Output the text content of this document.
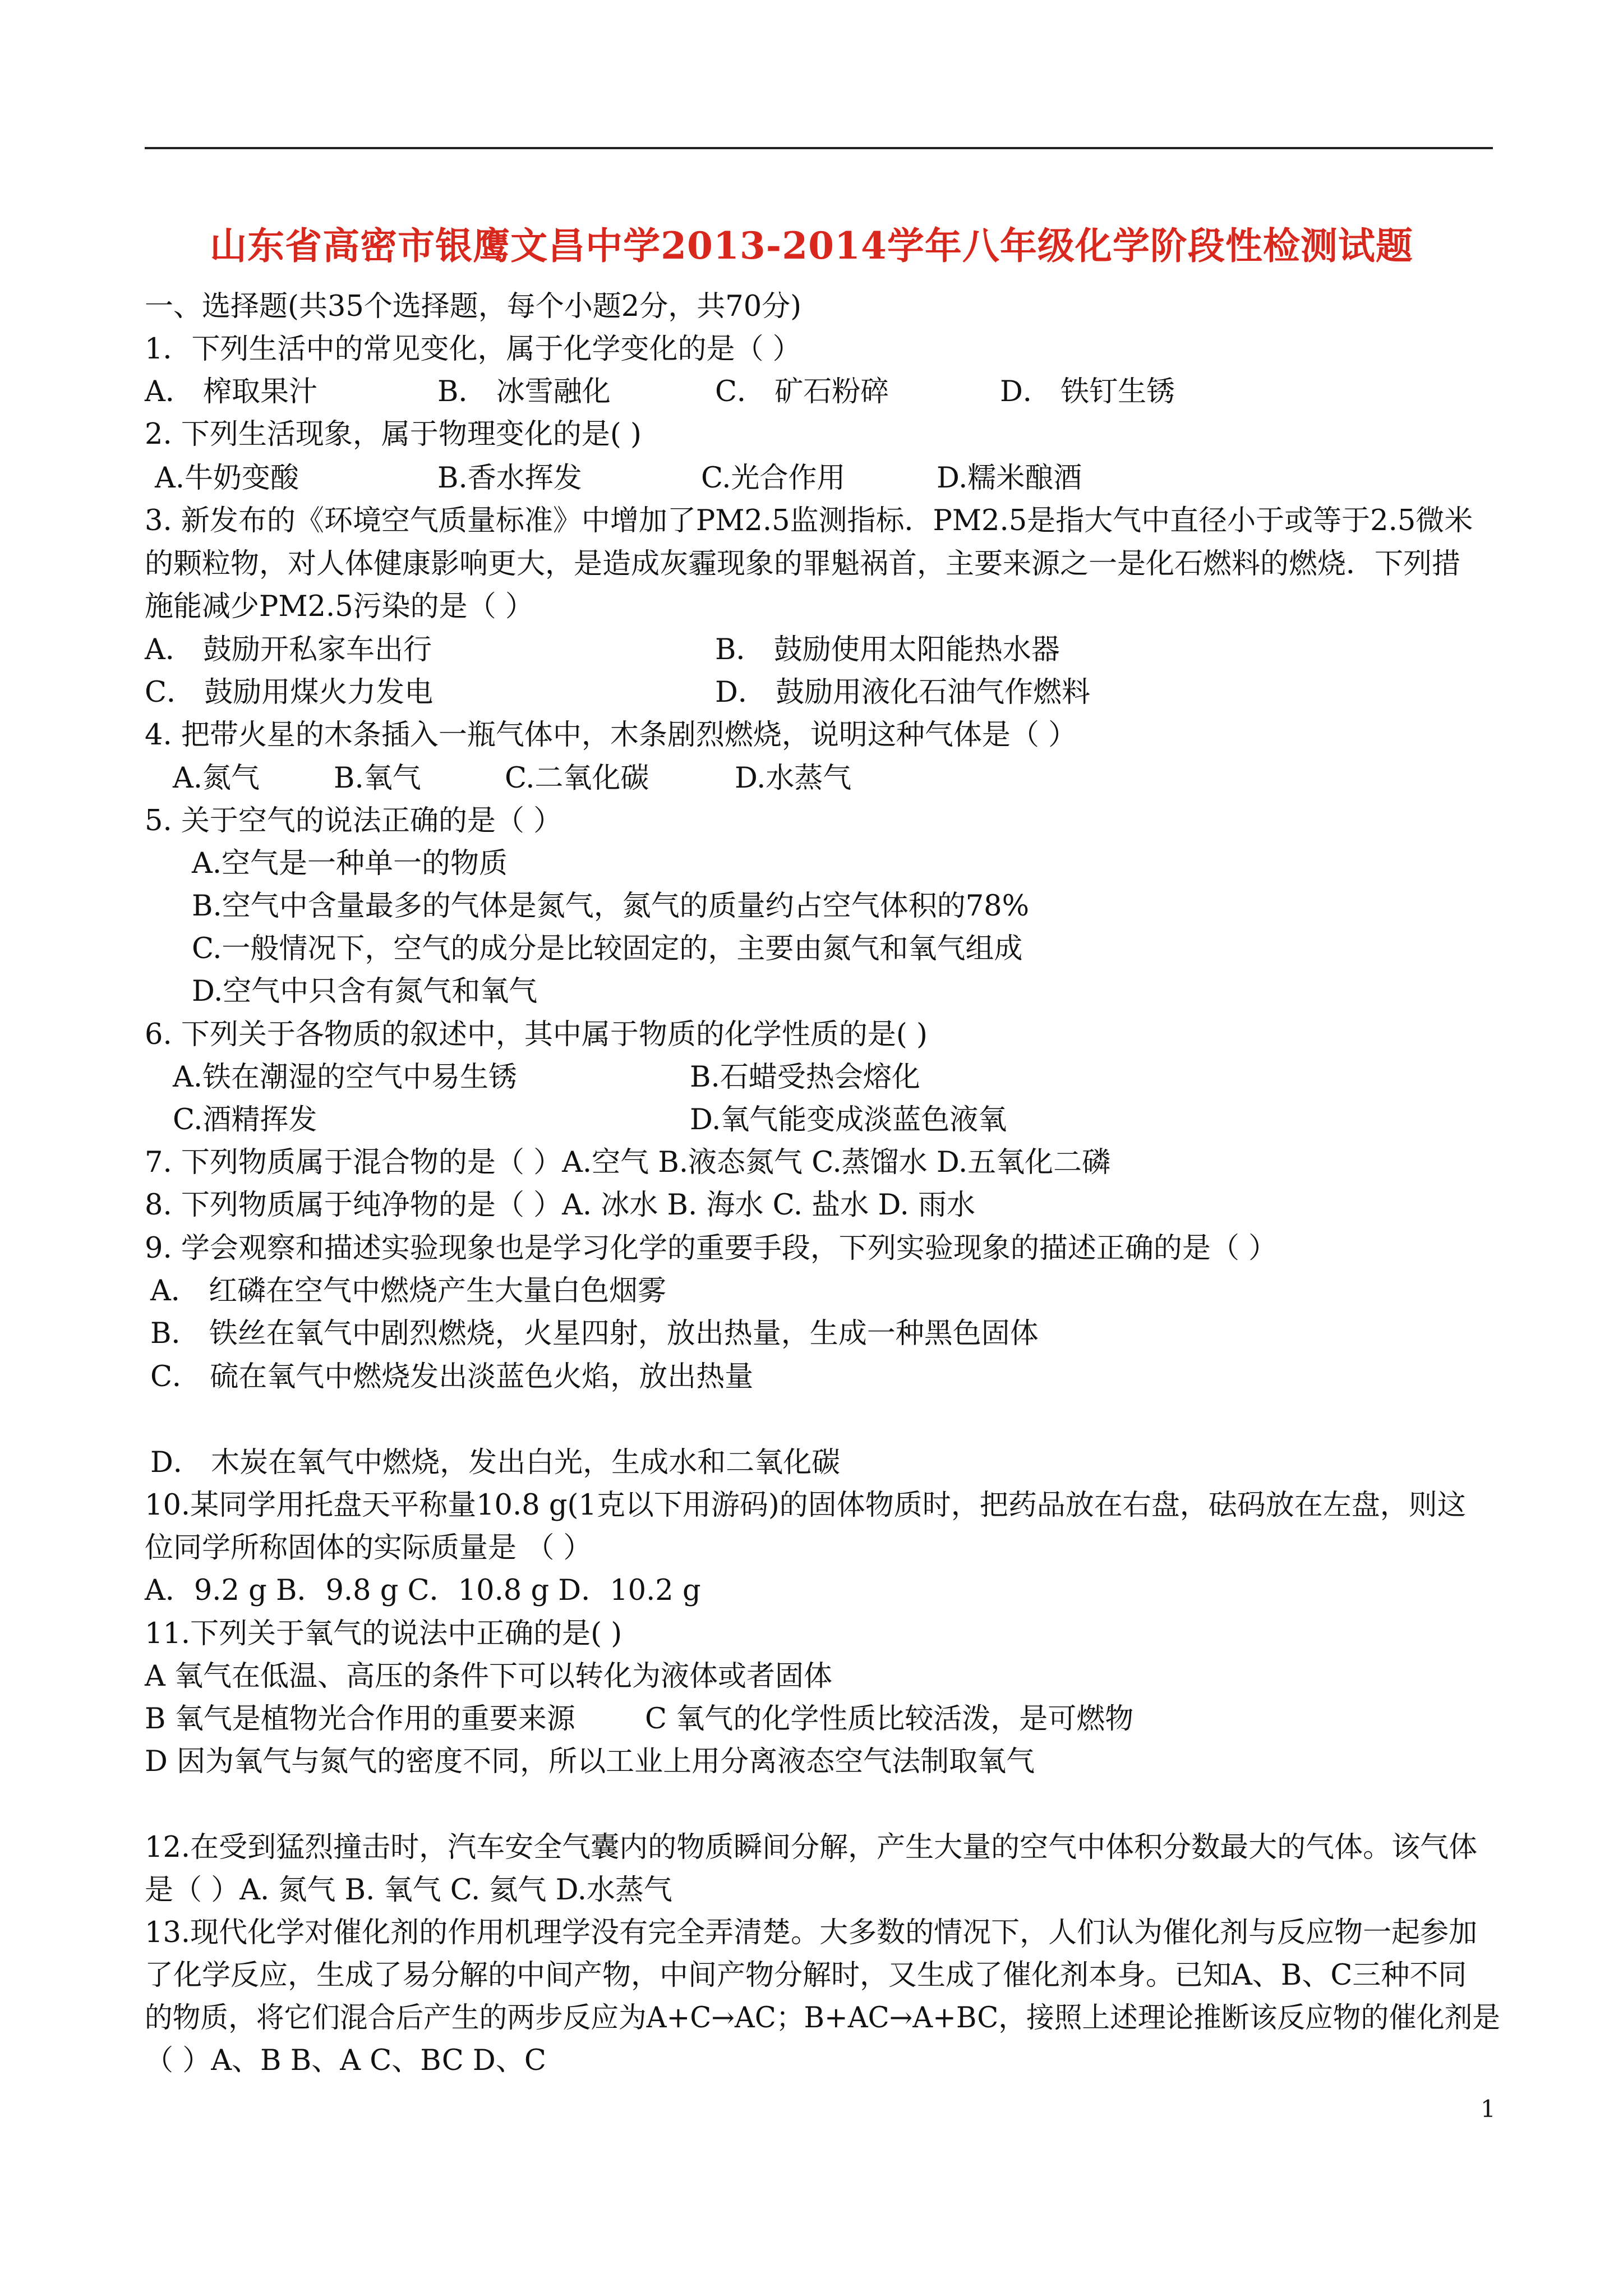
山东省高密市银鹰文昌中学2013-2014学年八年级化学阶段性检测试题
一、选择题(共35个选择题，每个小题2分，共70分)
1．下列生活中的常见变化，属于化学变化的是（ ）
A． 榨取果汁	B． 冰雪融化	C． 矿石粉碎	D． 铁钉生锈
2. 下列生活现象，属于物理变化的是( )
A.牛奶变酸	B.香水挥发	C.光合作用	D.糯米酿酒
3. 新发布的《环境空气质量标准》中增加了PM2.5监测指标．PM2.5是指大气中直径小于或等于2.5微米
的颗粒物，对人体健康影响更大，是造成灰霾现象的罪魁祸首，主要来源之一是化石燃料的燃烧．下列措
施能减少PM2.5污染的是（ ）
A． 鼓励开私家车出行	B． 鼓励使用太阳能热水器
C． 鼓励用煤火力发电	D． 鼓励用液化石油气作燃料
4. 把带火星的木条插入一瓶气体中，木条剧烈燃烧，说明这种气体是（ ）
A.氮气	B.氧气	C.二氧化碳	D.水蒸气
5. 关于空气的说法正确的是（ ）
A.空气是一种单一的物质
B.空气中含量最多的气体是氮气，氮气的质量约占空气体积的78%
C.一般情况下，空气的成分是比较固定的，主要由氮气和氧气组成
D.空气中只含有氮气和氧气
6. 下列关于各物质的叙述中，其中属于物质的化学性质的是( )
A.铁在潮湿的空气中易生锈	B.石蜡受热会熔化
C.酒精挥发	D.氧气能变成淡蓝色液氧
7. 下列物质属于混合物的是（ ）A.空气 B.液态氮气 C.蒸馏水 D.五氧化二磷
8. 下列物质属于纯净物的是（ ）A. 冰水 B. 海水 C. 盐水 D. 雨水
9. 学会观察和描述实验现象也是学习化学的重要手段，下列实验现象的描述正确的是（ ）
A． 红磷在空气中燃烧产生大量白色烟雾
B． 铁丝在氧气中剧烈燃烧，火星四射，放出热量，生成一种黑色固体
C． 硫在氧气中燃烧发出淡蓝色火焰，放出热量
D． 木炭在氧气中燃烧，发出白光，生成水和二氧化碳
10.某同学用托盘天平称量10.8 g(1克以下用游码)的固体物质时，把药品放在右盘，砝码放在左盘，则这
位同学所称固体的实际质量是 （ ）
A．9.2 g B．9.8 g C．10.8 g D．10.2 g
11.下列关于氧气的说法中正确的是( )
A 氧气在低温、高压的条件下可以转化为液体或者固体
B 氧气是植物光合作用的重要来源 C 氧气的化学性质比较活泼，是可燃物
D 因为氧气与氮气的密度不同，所以工业上用分离液态空气法制取氧气
12.在受到猛烈撞击时，汽车安全气囊内的物质瞬间分解，产生大量的空气中体积分数最大的气体。该气体
是（ ）A. 氮气 B. 氧气 C. 氦气 D.水蒸气
13.现代化学对催化剂的作用机理学没有完全弄清楚。大多数的情况下，人们认为催化剂与反应物一起参加
了化学反应，生成了易分解的中间产物，中间产物分解时，又生成了催化剂本身。已知A、B、C三种不同
的物质，将它们混合后产生的两步反应为A+C→AC；B+AC→A+BC，接照上述理论推断该反应物的催化剂是
（ ）A、B B、A C、BC D、C
1
